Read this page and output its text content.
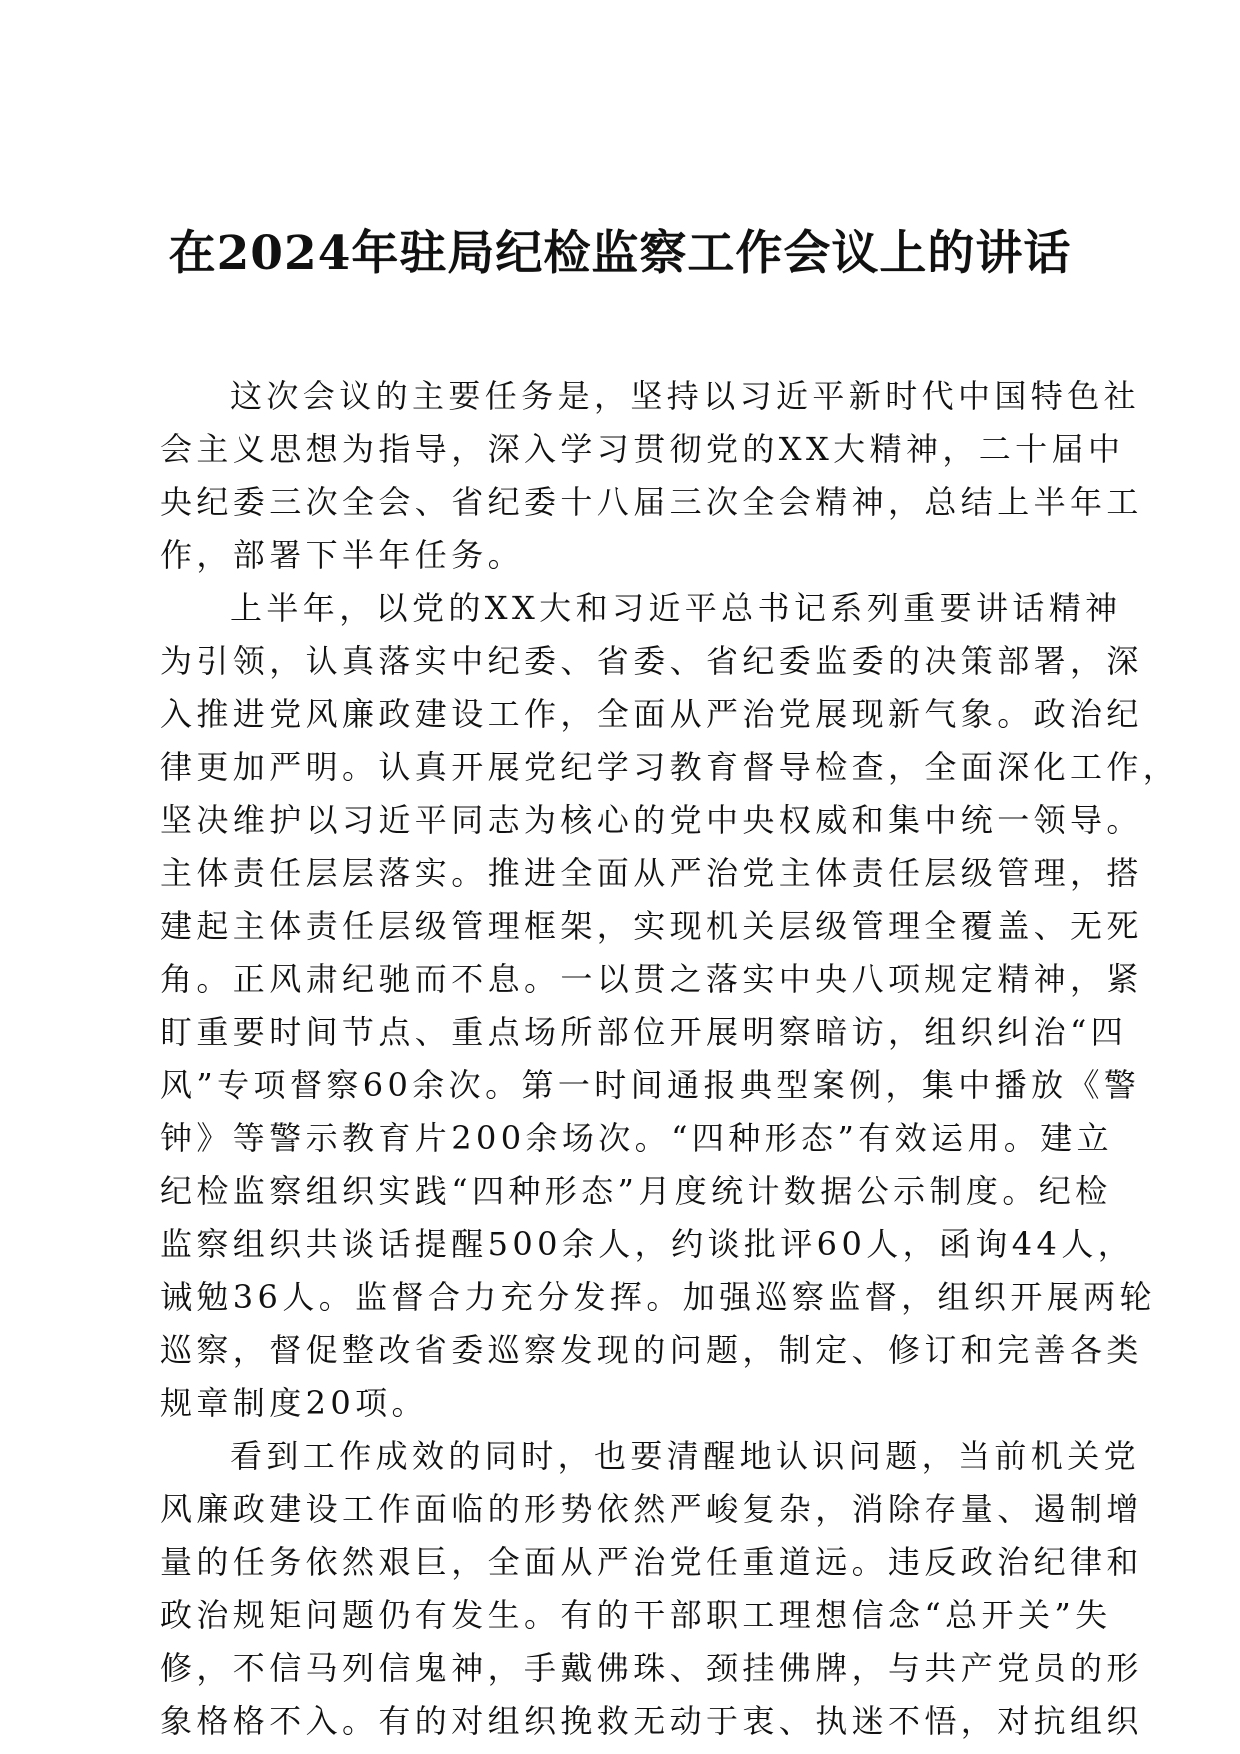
在2024年驻局纪检监察工作会议上的讲话

这次会议的主要任务是，坚持以习近平新时代中国特色社
会主义思想为指导，深入学习贯彻党的XX大精神，二十届中
央纪委三次全会、省纪委十八届三次全会精神，总结上半年工
作，部署下半年任务。

上半年，以党的XX大和习近平总书记系列重要讲话精神
为引领，认真落实中纪委、省委、省纪委监委的决策部署，深
入推进党风廉政建设工作，全面从严治党展现新气象。政治纪
律更加严明。认真开展党纪学习教育督导检查，全面深化工作，
坚决维护以习近平同志为核心的党中央权威和集中统一领导。
主体责任层层落实。推进全面从严治党主体责任层级管理，搭
建起主体责任层级管理框架，实现机关层级管理全覆盖、无死
角。正风肃纪驰而不息。一以贯之落实中央八项规定精神，紧
盯重要时间节点、重点场所部位开展明察暗访，组织纠治“四
风”专项督察60余次。第一时间通报典型案例，集中播放《警
钟》等警示教育片200余场次。“四种形态”有效运用。建立
纪检监察组织实践“四种形态”月度统计数据公示制度。纪检
监察组织共谈话提醒500余人，约谈批评60人，函询44人，
诫勉36人。监督合力充分发挥。加强巡察监督，组织开展两轮
巡察，督促整改省委巡察发现的问题，制定、修订和完善各类
规章制度20项。

看到工作成效的同时，也要清醒地认识问题，当前机关党
风廉政建设工作面临的形势依然严峻复杂，消除存量、遏制增
量的任务依然艰巨，全面从严治党任重道远。违反政治纪律和
政治规矩问题仍有发生。有的干部职工理想信念“总开关”失
修，不信马列信鬼神，手戴佛珠、颈挂佛牌，与共产党员的形
象格格不入。有的对组织挽救无动于衷、执迷不悟，对抗组织
